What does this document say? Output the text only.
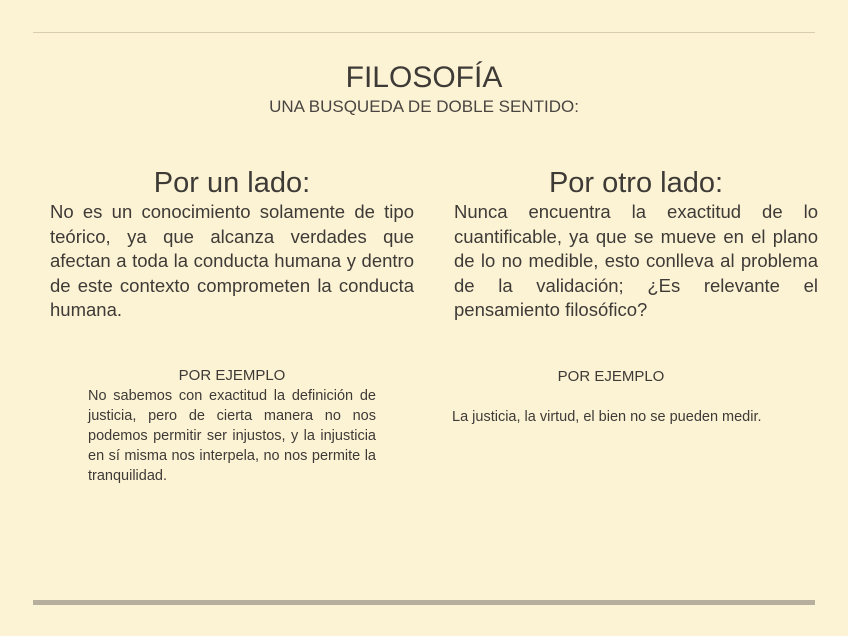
FILOSOFÍA
UNA BUSQUEDA DE DOBLE SENTIDO:
Por un lado:
No es un conocimiento solamente de tipo teórico, ya que alcanza verdades que afectan a toda la conducta humana y dentro de este contexto comprometen la conducta humana.
Por otro lado:
Nunca encuentra la exactitud de lo cuantificable, ya que se mueve en el plano de lo no medible, esto conlleva al problema de la validación; ¿Es relevante el pensamiento filosófico?
POR EJEMPLO
No sabemos con exactitud la definición de justicia, pero de cierta manera no nos podemos permitir ser injustos, y la injusticia en sí misma nos interpela, no nos permite la tranquilidad.
POR EJEMPLO
La justicia, la virtud, el bien no se pueden medir.
